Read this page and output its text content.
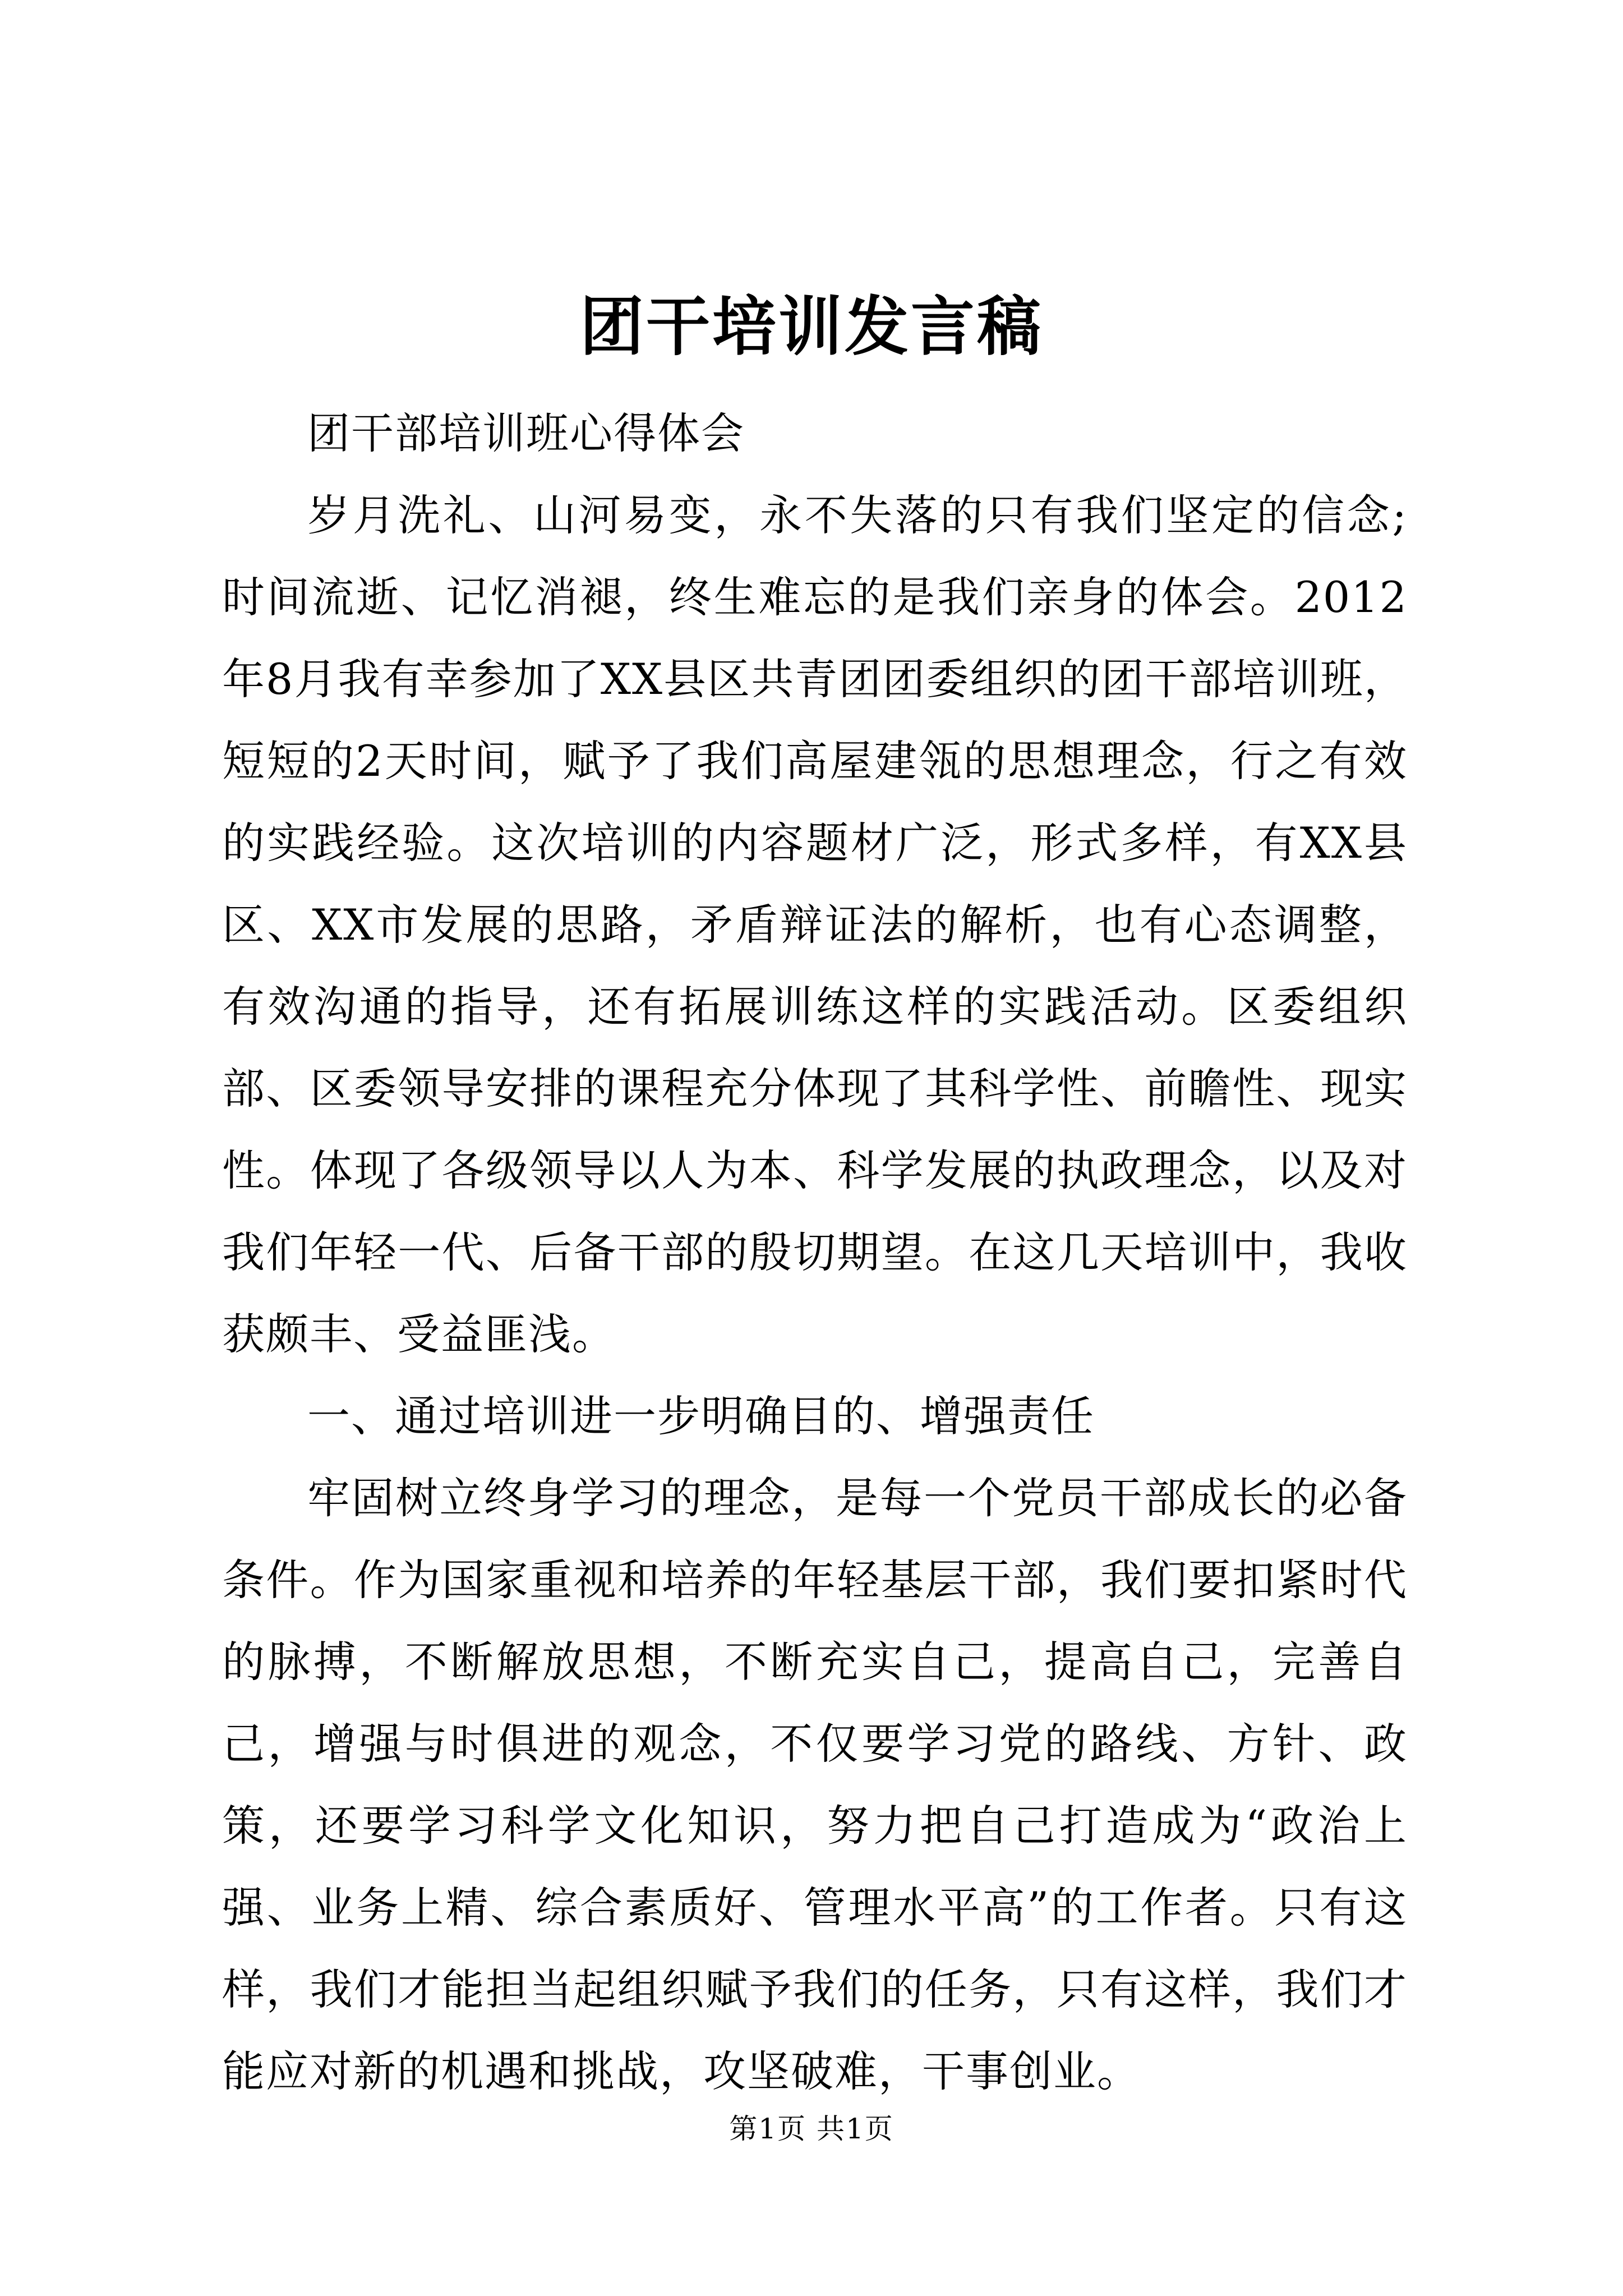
团干培训发言稿

团干部培训班心得体会

岁月洗礼、山河易变，永不失落的只有我们坚定的信念;时间流逝、记忆消褪，终生难忘的是我们亲身的体会。2012年8月我有幸参加了XX县区共青团团委组织的团干部培训班，短短的2天时间，赋予了我们高屋建瓴的思想理念，行之有效的实践经验。这次培训的内容题材广泛，形式多样，有XX县区、XX市发展的思路，矛盾辩证法的解析，也有心态调整，有效沟通的指导，还有拓展训练这样的实践活动。区委组织部、区委领导安排的课程充分体现了其科学性、前瞻性、现实性。体现了各级领导以人为本、科学发展的执政理念，以及对我们年轻一代、后备干部的殷切期望。在这几天培训中，我收获颇丰、受益匪浅。

一、通过培训进一步明确目的、增强责任

牢固树立终身学习的理念，是每一个党员干部成长的必备条件。作为国家重视和培养的年轻基层干部，我们要扣紧时代的脉搏，不断解放思想，不断充实自己，提高自己，完善自己，增强与时俱进的观念，不仅要学习党的路线、方针、政策，还要学习科学文化知识，努力把自己打造成为“政治上强、业务上精、综合素质好、管理水平高”的工作者。只有这样，我们才能担当起组织赋予我们的任务，只有这样，我们才能应对新的机遇和挑战，攻坚破难，干事创业。

第1页 共1页
